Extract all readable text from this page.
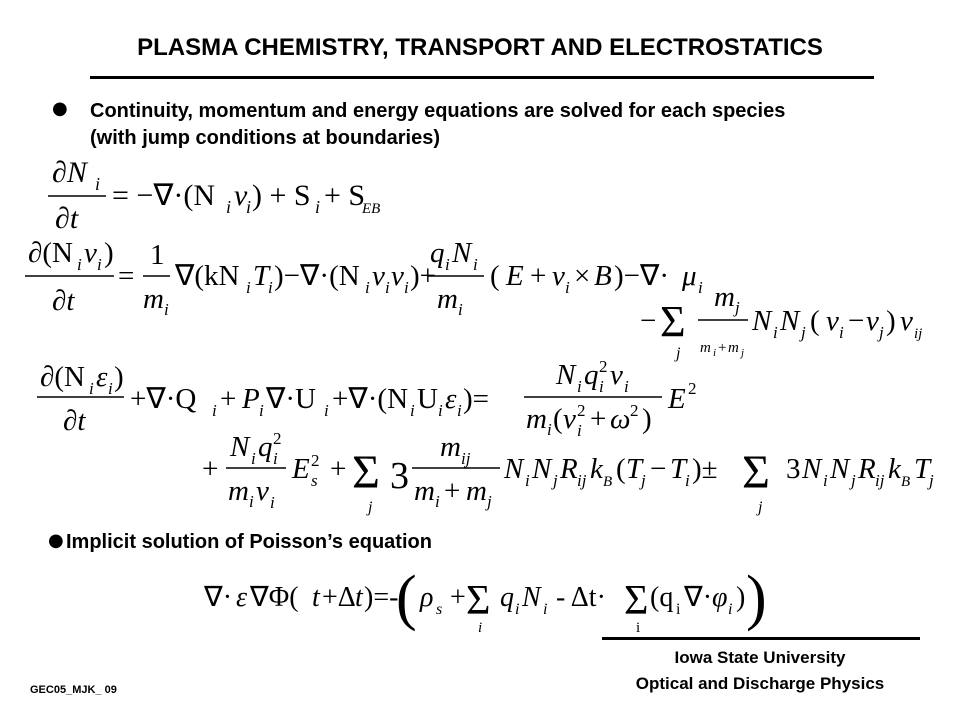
PLASMA CHEMISTRY, TRANSPORT AND ELECTROSTATICS
● Continuity, momentum and energy equations are solved for each species
(with jump conditions at boundaries)
∂N i
∂t
= −∇·(N i v
i ) + S i + S
EB
∂(N i v i )
∂t
=
1
m i
∇(kN i T
i )−∇·(N i v i v i )+
q i N i
m i
( E + v i × B )−∇· μ i
− Σ
j
m j
m i + m j
N i N j ( v i − v j ) ν ij
∂(N i ε i )
∂t
+∇·Q i + P i ∇·U i +∇·(N i U i ε i )=
N i q i
2 ν i
m i ( ν i
2 + ω 2 )
E 2
+
N i q i
2
m i ν i
E s
2 + Σ
j
3
m ij
m i + m j
N i N j R ij k B ( T
j − T
i )± Σ
j
3 N i N j R ij k B T
j
● Implicit solution of Poisson’s equation
∇· ε ∇Φ( t +Δ t )=-
( ρ s + Σ
i
q i N i - Δt· Σ
i
(q i ∇· φ i ) )
Iowa State University
Optical and Discharge Physics
GEC05_MJK_ 09
